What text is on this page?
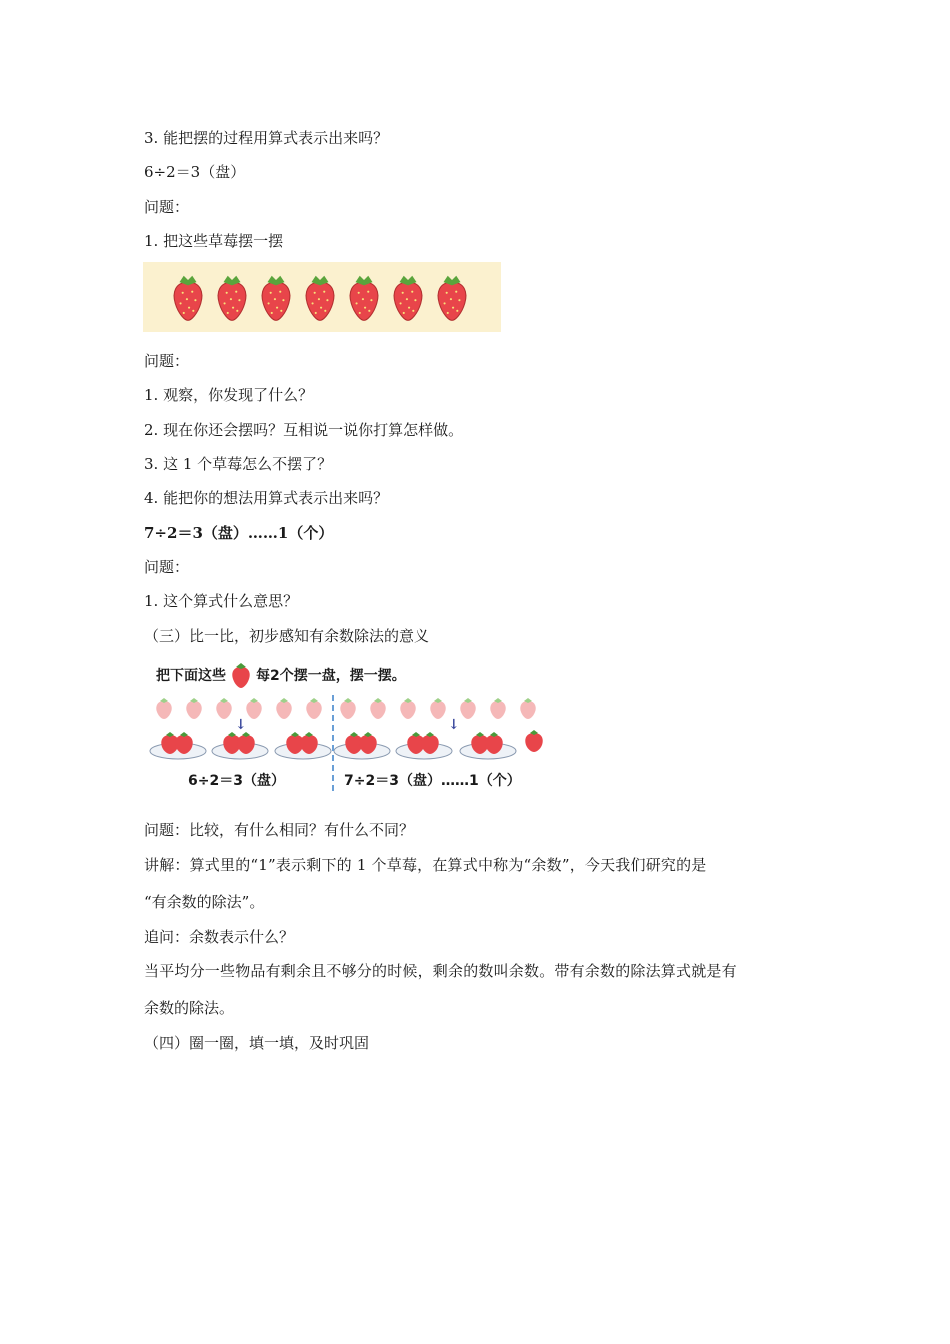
3. 能把摆的过程用算式表示出来吗？
6÷2＝3（盘）
问题：
1. 把这些草莓摆一摆
问题：
1. 观察，你发现了什么？
2. 现在你还会摆吗？互相说一说你打算怎样做。
3. 这 1 个草莓怎么不摆了？
4. 能把你的想法用算式表示出来吗？
7÷2＝3（盘）……1（个）
问题：
1. 这个算式什么意思？
（三）比一比，初步感知有余数除法的意义
把下面这些 每2个摆一盘，摆一摆。
↓	↓
6÷2＝3（盘）	7÷2＝3（盘）……1（个）
问题：比较，有什么相同？有什么不同？
讲解：算式里的“1”表示剩下的 1 个草莓，在算式中称为“余数”，今天我们研究的是
“有余数的除法”。
追问：余数表示什么？
当平均分一些物品有剩余且不够分的时候，剩余的数叫余数。带有余数的除法算式就是有
余数的除法。
（四）圈一圈，填一填，及时巩固
